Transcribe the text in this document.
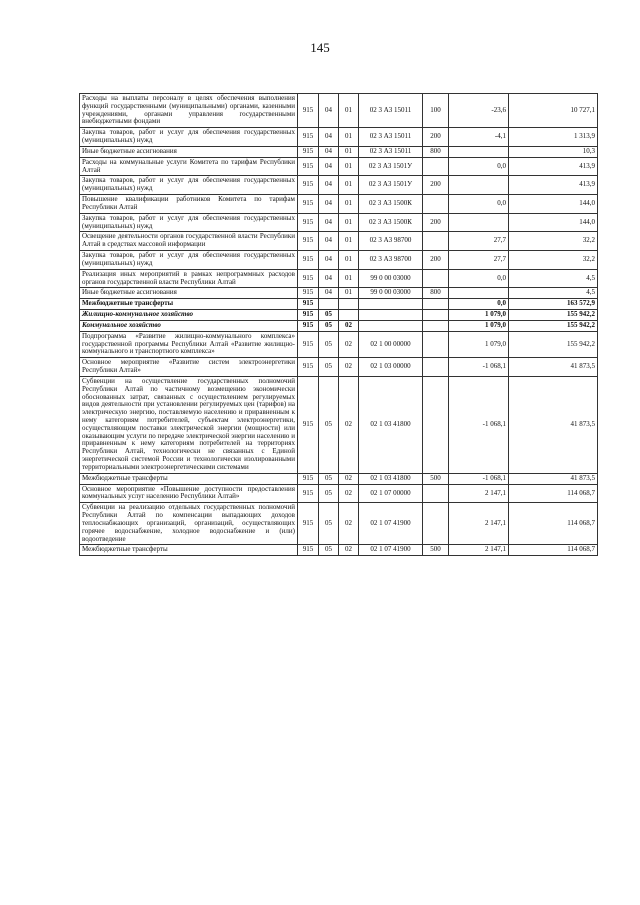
145
Расходы на выплаты персоналу в целях обеспечения выполнения функций государственными (муниципальными) органами, казенными учреждениями, органами управления государственными внебюджетными фондами	915	04	01	02 3 А3 15011	100	-23,6	10 727,1
Закупка товаров, работ и услуг для обеспечения государственных (муниципальных) нужд	915	04	01	02 3 А3 15011	200	-4,1	1 313,9
Иные бюджетные ассигнования	915	04	01	02 3 А3 15011	800		10,3
Расходы на коммунальные услуги Комитета по тарифам Республики Алтай	915	04	01	02 3 А3 1501У		0,0	413,9
Закупка товаров, работ и услуг для обеспечения государственных (муниципальных) нужд	915	04	01	02 3 А3 1501У	200		413,9
Повышение квалификации работников Комитета по тарифам Республики Алтай	915	04	01	02 3 А3 1500К		0,0	144,0
Закупка товаров, работ и услуг для обеспечения государственных (муниципальных) нужд	915	04	01	02 3 А3 1500К	200		144,0
Освещение деятельности органов государственной власти Республики Алтай в средствах массовой информации	915	04	01	02 3 А3 98700		27,7	32,2
Закупка товаров, работ и услуг для обеспечения государственных (муниципальных) нужд	915	04	01	02 3 А3 98700	200	27,7	32,2
Реализация иных мероприятий в рамках непрограммных расходов органов государственной власти Республики Алтай	915	04	01	99 0 00 03000		0,0	4,5
Иные бюджетные ассигнования	915	04	01	99 0 00 03000	800		4,5
Межбюджетные трансферты	915					0,0	163 572,9
Жилищно-коммунальное хозяйство	915	05				1 079,0	155 942,2
Коммунальное хозяйство	915	05	02			1 079,0	155 942,2
Подпрограмма «Развитие жилищно-коммунального комплекса» государственной программы Республики Алтай «Развитие жилищно-коммунального и транспортного комплекса»	915	05	02	02 1 00 00000		1 079,0	155 942,2
Основное мероприятие «Развитие систем электроэнергетики Республики Алтай»	915	05	02	02 1 03 00000		-1 068,1	41 873,5
Субвенции на осуществление государственных полномочий Республики Алтай по частичному возмещению экономически обоснованных затрат, связанных с осуществлением регулируемых видов деятельности при установлении регулируемых цен (тарифов) на электрическую энергию, поставляемую населению и приравненным к нему категориям потребителей, субъектам электроэнергетики, осуществляющим поставки электрической энергии (мощности) или оказывающим услуги по передаче электрической энергии населению и приравненным к нему категориям потребителей на территориях Республики Алтай, технологически не связанных с Единой энергетической системой России и технологически изолированными территориальными электроэнергетическими системами	915	05	02	02 1 03 41800		-1 068,1	41 873,5
Межбюджетные трансферты	915	05	02	02 1 03 41800	500	-1 068,1	41 873,5
Основное мероприятие «Повышение доступности предоставления коммунальных услуг населению Республики Алтай»	915	05	02	02 1 07 00000		2 147,1	114 068,7
Субвенции на реализацию отдельных государственных полномочий Республики Алтай по компенсации выпадающих доходов теплоснабжающих организаций, организаций, осуществляющих горячее водоснабжение, холодное водоснабжение и (или) водоотведение	915	05	02	02 1 07 41900		2 147,1	114 068,7
Межбюджетные трансферты	915	05	02	02 1 07 41900	500	2 147,1	114 068,7
